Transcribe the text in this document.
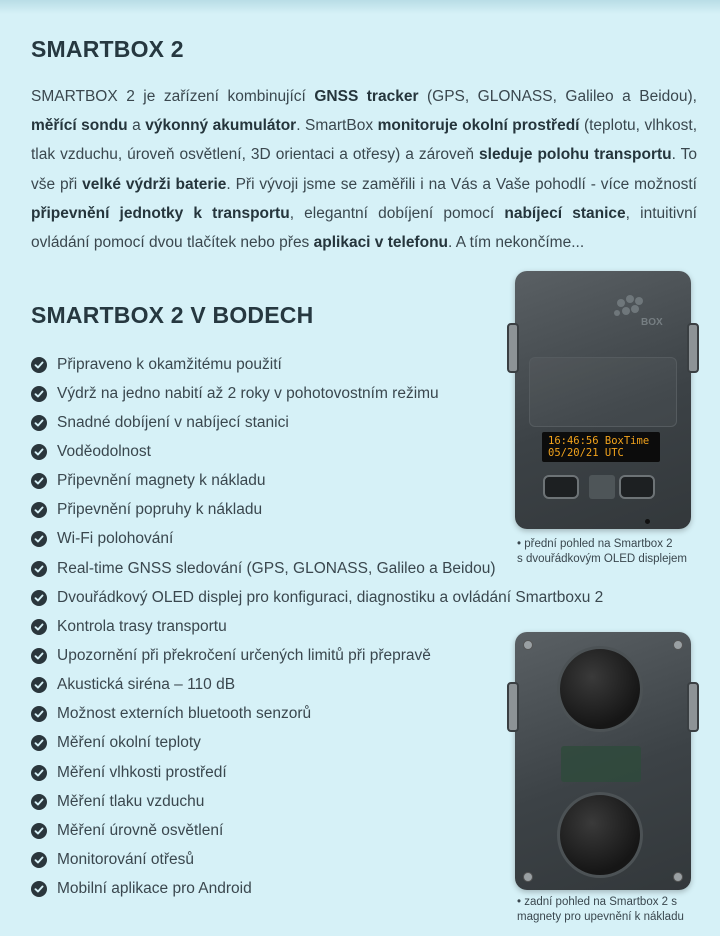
SMARTBOX 2

SMARTBOX 2 je zařízení kombinující GNSS tracker (GPS, GLONASS, Galileo a Beidou), měřící sondu a výkonný akumulátor. SmartBox monitoruje okolní prostředí (teplotu, vlhkost, tlak vzduchu, úroveň osvětlení, 3D orientaci a otřesy) a zároveň sleduje polohu transportu. To vše při velké výdrži baterie. Při vývoji jsme se zaměřili i na Vás a Vaše pohodlí - více možností připevnění jednotky k transportu, elegantní dobíjení pomocí nabíjecí stanice, intuitivní ovládání pomocí dvou tlačítek nebo přes aplikaci v telefonu. A tím nekončíme...

SMARTBOX 2 V BODECH
Připraveno k okamžitému použití
Výdrž na jedno nabití až 2 roky v pohotovostním režimu
Snadné dobíjení v nabíjecí stanici
Voděodolnost
Připevnění magnety k nákladu
Připevnění popruhy k nákladu
Wi-Fi polohování
Real-time GNSS sledování (GPS, GLONASS, Galileo a Beidou)
Dvouřádkový OLED displej pro konfiguraci, diagnostiku a ovládání Smartboxu 2
Kontrola trasy transportu
Upozornění při překročení určených limitů při přepravě
Akustická siréna – 110 dB
Možnost externích bluetooth senzorů
Měření okolní teploty
Měření vlhkosti prostředí
Měření tlaku vzduchu
Měření úrovně osvětlení
Monitorování otřesů
Mobilní aplikace pro Android
BOX
16:46:56 BoxTime
05/20/21 UTC
• přední pohled na Smartbox 2
s dvouřádkovým OLED displejem
• zadní pohled na Smartbox 2 s
magnety pro upevnění k nákladu
